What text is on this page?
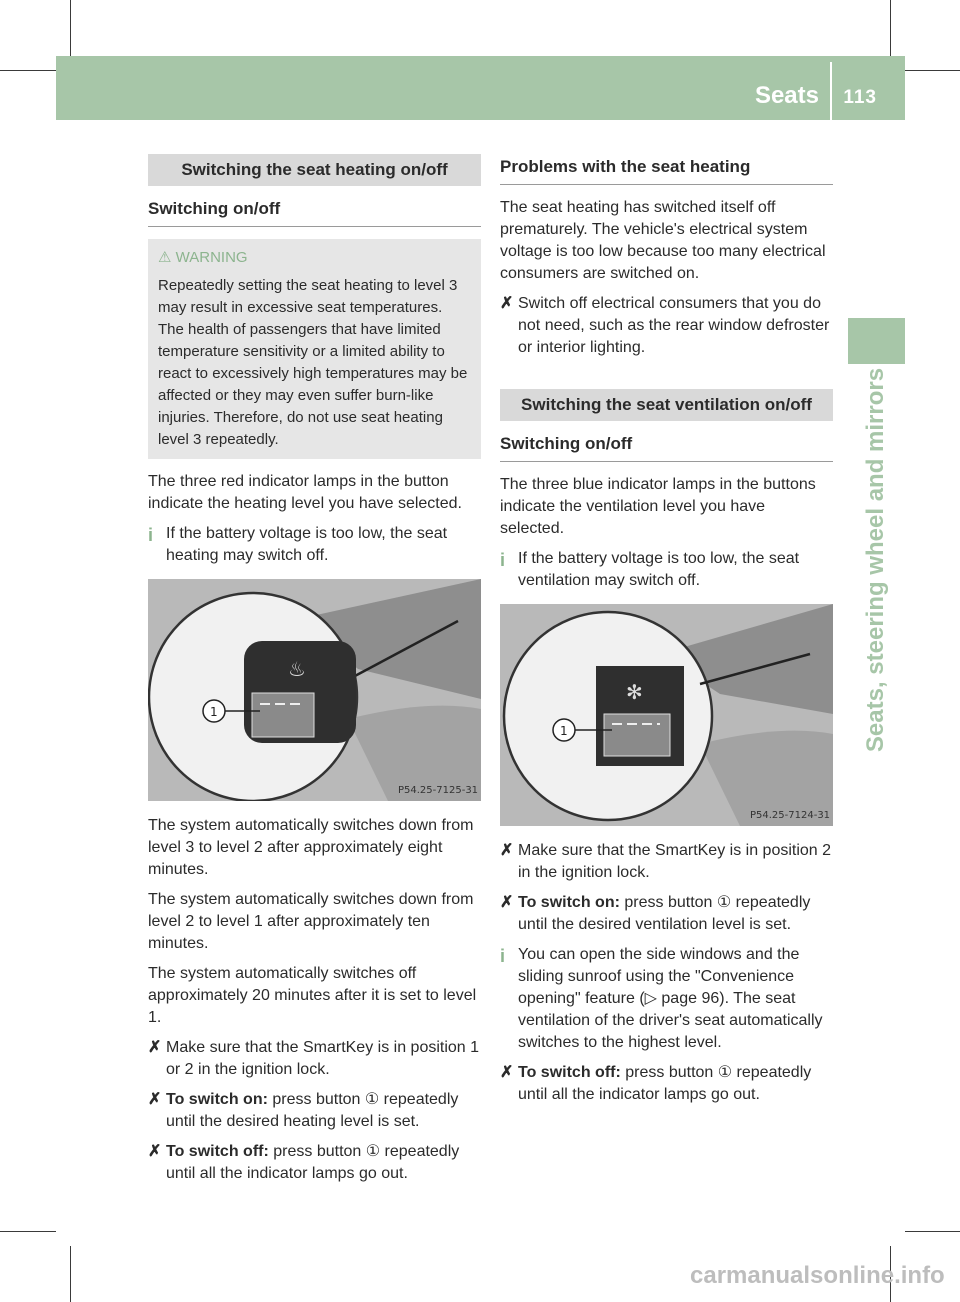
Seats 113
Seats, steering wheel and mirrors
Switching the seat heating on/off
Switching on/off
⚠ WARNING
Repeatedly setting the seat heating to level 3 may result in excessive seat temperatures. The health of passengers that have limited temperature sensitivity or a limited ability to react to excessively high temperatures may be affected or they may even suffer burn-like injuries. Therefore, do not use seat heating level 3 repeatedly.

The three red indicator lamps in the button indicate the heating level you have selected.

i If the battery voltage is too low, the seat heating may switch off.

♨
1
P54.25-7125-31

The system automatically switches down from level 3 to level 2 after approximately eight minutes.

The system automatically switches down from level 2 to level 1 after approximately ten minutes.

The system automatically switches off approximately 20 minutes after it is set to level 1.

✗ Make sure that the SmartKey is in position 1 or 2 in the ignition lock.

✗ To switch on: press button ① repeatedly until the desired heating level is set.

✗ To switch off: press button ① repeatedly until all the indicator lamps go out.

Problems with the seat heating

The seat heating has switched itself off prematurely. The vehicle's electrical system voltage is too low because too many electrical consumers are switched on.

✗ Switch off electrical consumers that you do not need, such as the rear window defroster or interior lighting.

Switching the seat ventilation on/off
Switching on/off

The three blue indicator lamps in the buttons indicate the ventilation level you have selected.

i If the battery voltage is too low, the seat ventilation may switch off.

✻
1
P54.25-7124-31

✗ Make sure that the SmartKey is in position 2 in the ignition lock.

✗ To switch on: press button ① repeatedly until the desired ventilation level is set.

i You can open the side windows and the sliding sunroof using the "Convenience opening" feature (▷ page 96). The seat ventilation of the driver's seat automatically switches to the highest level.

✗ To switch off: press button ① repeatedly until all the indicator lamps go out.

carmanualsonline.info
